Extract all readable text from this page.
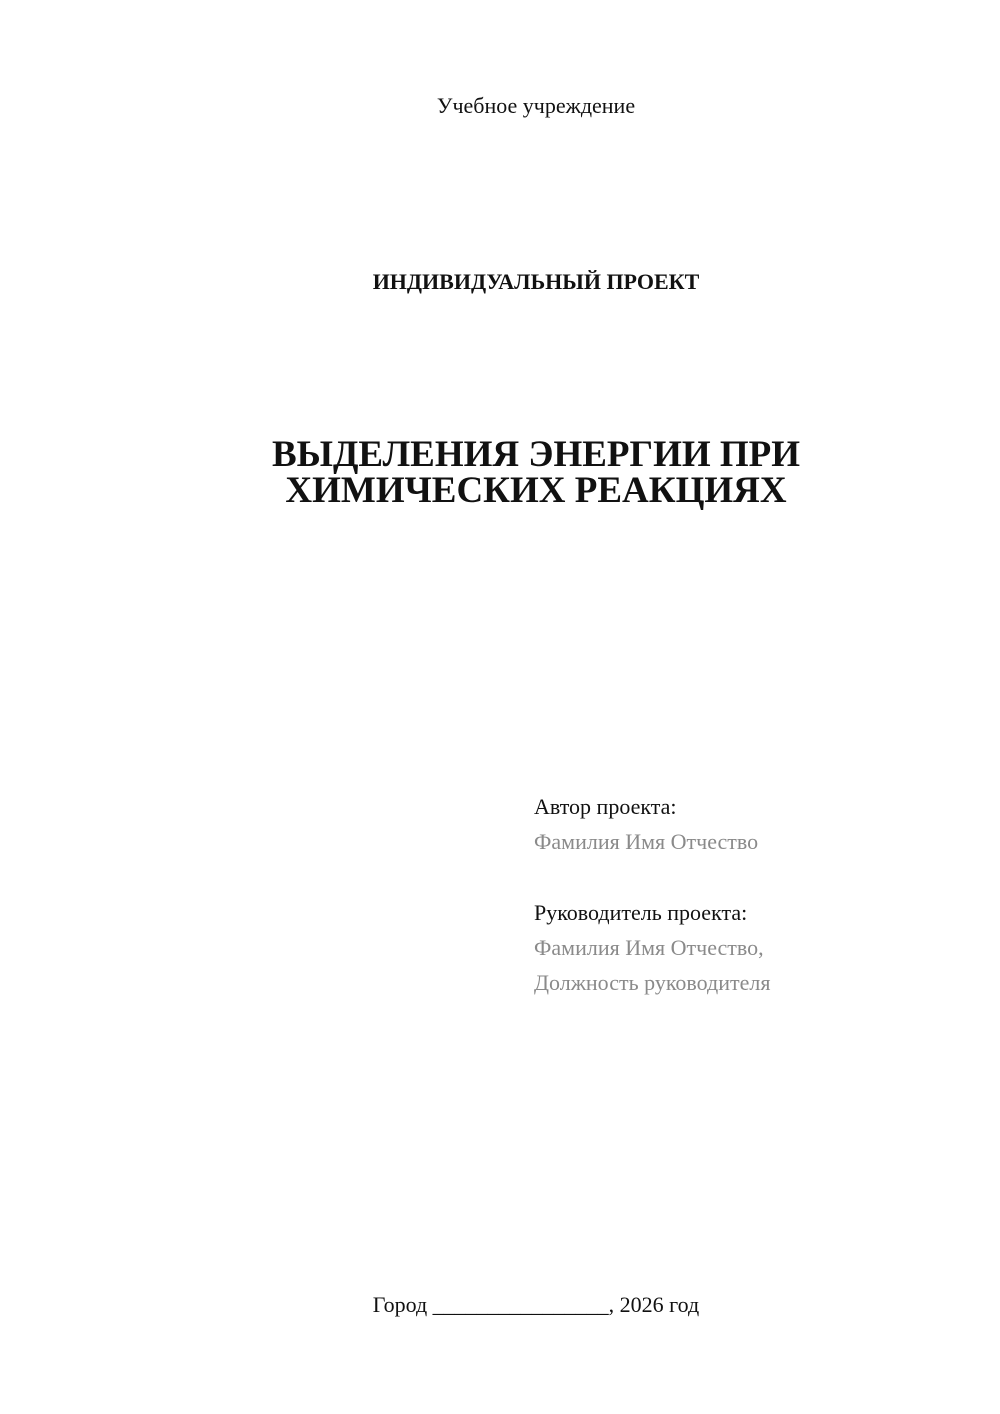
Учебное учреждение
ИНДИВИДУАЛЬНЫЙ ПРОЕКТ
ВЫДЕЛЕНИЯ ЭНЕРГИИ ПРИ
ХИМИЧЕСКИХ РЕАКЦИЯХ
Автор проекта:
Фамилия Имя Отчество
Руководитель проекта:
Фамилия Имя Отчество,
Должность руководителя
Город ________________, 2026 год
